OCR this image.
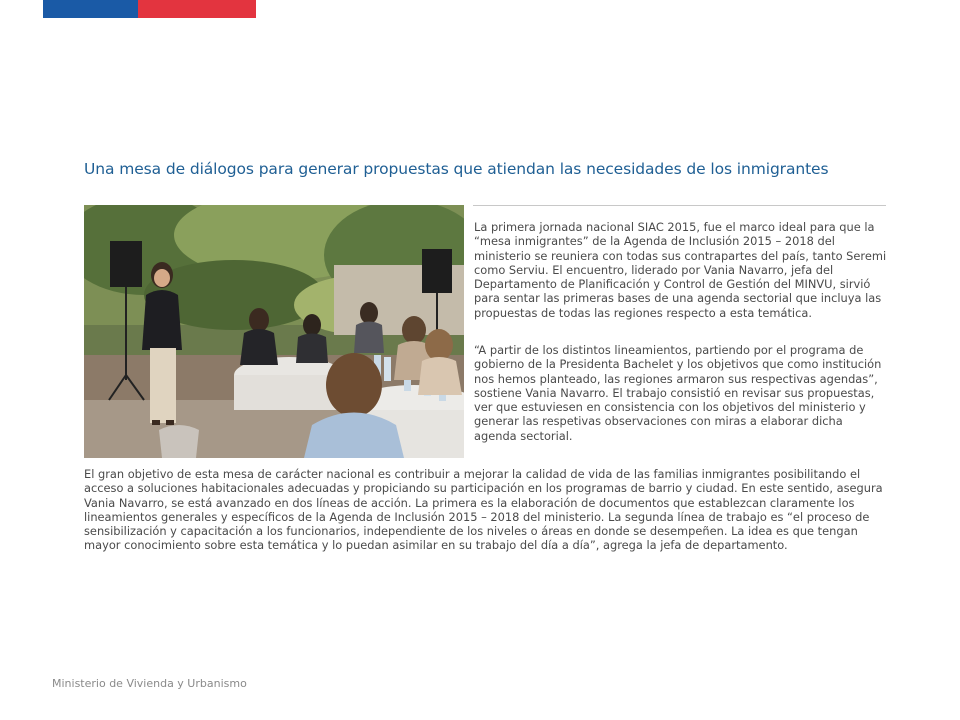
Una mesa de diálogos para generar propuestas que atiendan las necesidades de los inmigrantes

La primera jornada nacional SIAC 2015, fue el marco ideal para que la “mesa inmigrantes” de la Agenda de Inclusión 2015 – 2018 del ministerio se reuniera con todas sus contrapartes del país, tanto Seremi como Serviu. El encuentro, liderado por Vania Navarro, jefa del Departamento de Planificación y Control de Gestión del MINVU, sirvió para sentar las primeras bases de una agenda sectorial que incluya las propuestas de todas las regiones respecto a esta temática.

“A partir de los distintos lineamientos, partiendo por el programa de gobierno de la Presidenta Bachelet y los objetivos que como institución nos hemos planteado, las regiones armaron sus respectivas agendas”, sostiene Vania Navarro. El trabajo consistió en revisar sus propuestas, ver que estuviesen en consistencia con los objetivos del ministerio y generar las respetivas observaciones con miras a elaborar dicha agenda sectorial.

El gran objetivo de esta mesa de carácter nacional es contribuir a mejorar la calidad de vida de las familias inmigrantes posibilitando el acceso a soluciones habitacionales adecuadas y propiciando su participación en los programas de barrio y ciudad. En este sentido, asegura Vania Navarro, se está avanzado en dos líneas de acción. La primera es la elaboración de documentos que establezcan claramente los lineamientos generales y específicos de la Agenda de Inclusión 2015 – 2018 del ministerio. La segunda línea de trabajo es “el proceso de sensibilización y capacitación a los funcionarios, independiente de los niveles o áreas en donde se desempeñen. La idea es que tengan mayor conocimiento sobre esta temática y lo puedan asimilar en su trabajo del día a día”, agrega la jefa de departamento.

Ministerio de Vivienda y Urbanismo
